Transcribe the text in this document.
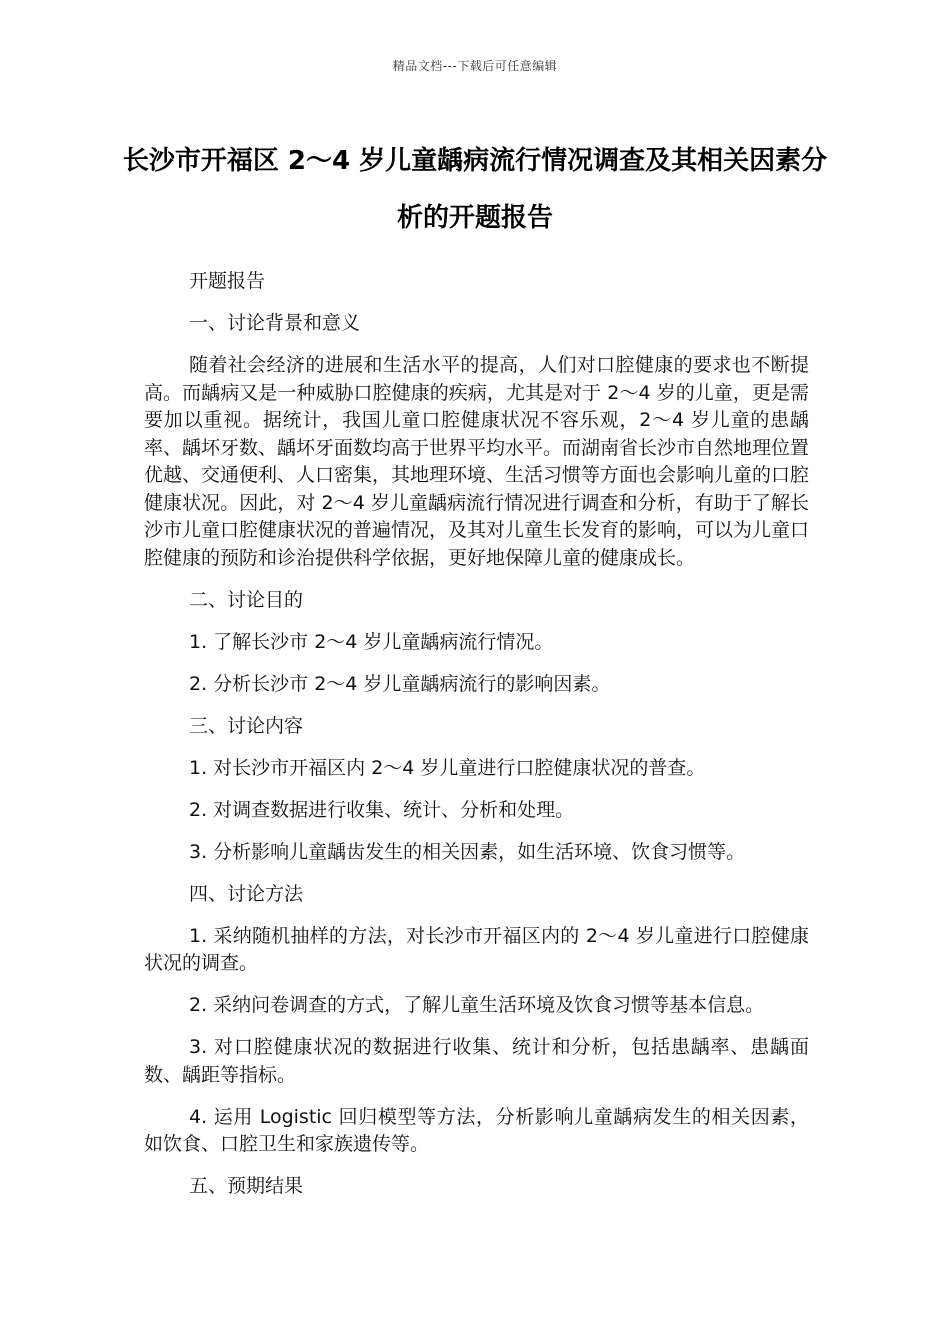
精品文档---下载后可任意编辑
长沙市开福区 2～4 岁儿童龋病流行情况调查及其相关因素分析的开题报告

开题报告

一、讨论背景和意义

随着社会经济的进展和生活水平的提高，人们对口腔健康的要求也不断提高。而龋病又是一种威胁口腔健康的疾病，尤其是对于 2～4 岁的儿童，更是需要加以重视。据统计，我国儿童口腔健康状况不容乐观，2～4 岁儿童的患龋率、龋坏牙数、龋坏牙面数均高于世界平均水平。而湖南省长沙市自然地理位置优越、交通便利、人口密集，其地理环境、生活习惯等方面也会影响儿童的口腔健康状况。因此，对 2～4 岁儿童龋病流行情况进行调查和分析，有助于了解长沙市儿童口腔健康状况的普遍情况，及其对儿童生长发育的影响，可以为儿童口腔健康的预防和诊治提供科学依据，更好地保障儿童的健康成长。

二、讨论目的

1. 了解长沙市 2～4 岁儿童龋病流行情况。

2. 分析长沙市 2～4 岁儿童龋病流行的影响因素。

三、讨论内容

1. 对长沙市开福区内 2～4 岁儿童进行口腔健康状况的普查。

2. 对调查数据进行收集、统计、分析和处理。

3. 分析影响儿童龋齿发生的相关因素，如生活环境、饮食习惯等。

四、讨论方法

1. 采纳随机抽样的方法，对长沙市开福区内的 2～4 岁儿童进行口腔健康状况的调查。

2. 采纳问卷调查的方式，了解儿童生活环境及饮食习惯等基本信息。

3. 对口腔健康状况的数据进行收集、统计和分析，包括患龋率、患龋面数、龋距等指标。

4. 运用 Logistic 回归模型等方法，分析影响儿童龋病发生的相关因素，如饮食、口腔卫生和家族遗传等。

五、预期结果
